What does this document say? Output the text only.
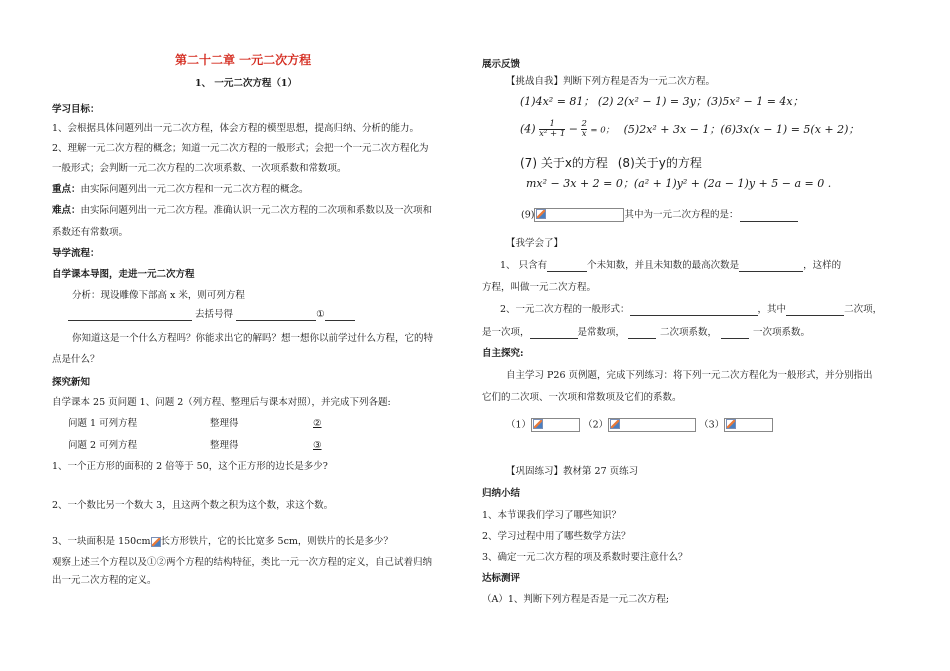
第二十二章 一元二次方程
1、 一元二次方程（1）
学习目标：
1、会根据具体问题列出一元二次方程，体会方程的模型思想，提高归纳、分析的能力。
2、理解一元二次方程的概念；知道一元二次方程的一般形式；会把一个一元二次方程化为
一般形式；会判断一元二次方程的二次项系数、一次项系数和常数项。
重点：由实际问题列出一元二次方程和一元二次方程的概念。
难点：由实际问题列出一元二次方程。准确认识一元二次方程的二次项和系数以及一次项和
系数还有常数项。
导学流程：
自学课本导图，走进一元二次方程
分析：现设雕像下部高 x 米，则可列方程
去括号得	①
你知道这是一个什么方程吗？你能求出它的解吗？想一想你以前学过什么方程，它的特
点是什么？
探究新知
自学课本 25 页问题 1、问题 2（列方程、整理后与课本对照），并完成下列各题:
问题 1 可列方程	整理得	②
问题 2 可列方程	整理得	③
1、一个正方形的面积的 2 倍等于 50，这个正方形的边长是多少?
2、一个数比另一个数大 3，且这两个数之积为这个数，求这个数。
3、一块面积是 150cm 长方形铁片，它的长比宽多 5cm，则铁片的长是多少？
观察上述三个方程以及①②两个方程的结构特征，类比一元一次方程的定义，自己试着归纳
出一元二次方程的定义。
展示反馈
【挑战自我】判断下列方程是否为一元二次方程。
(1)4x² = 81； (2) 2(x² − 1) = 3y；(3)5x² − 1 = 4x；
$(4) \frac{1}{\text{x² + 1}} - \frac{2}{x} = 0$； (5)2x² + 3x − 1；(6)3x(x − 1) = 5(x + 2)；
(7) 关于x的方程 (8)关于y的方程
mx² − 3x + 2 = 0；(a² + 1)y² + (2a − 1)y + 5 − a = 0 .
(9)	其中为一元二次方程的是：
【我学会了】
1、 只含有	个未知数，并且未知数的最高次数是	，这样的
方程，叫做一元二次方程。
2、一元二次方程的一般形式：	，其中	二次项，
是一次项，	是常数项，	二次项系数，	一次项系数。
自主探究:
自主学习 P26 页例题，完成下列练习：将下列一元二次方程化为一般形式，并分别指出
它们的二次项、一次项和常数项及它们的系数。
（1）	（2）	（3）
【巩固练习】教材第 27 页练习
归纳小结
1、本节课我们学习了哪些知识？
2、学习过程中用了哪些数学方法？
3、确定一元二次方程的项及系数时要注意什么？
达标测评
（A）1、判断下列方程是否是一元二次方程;
